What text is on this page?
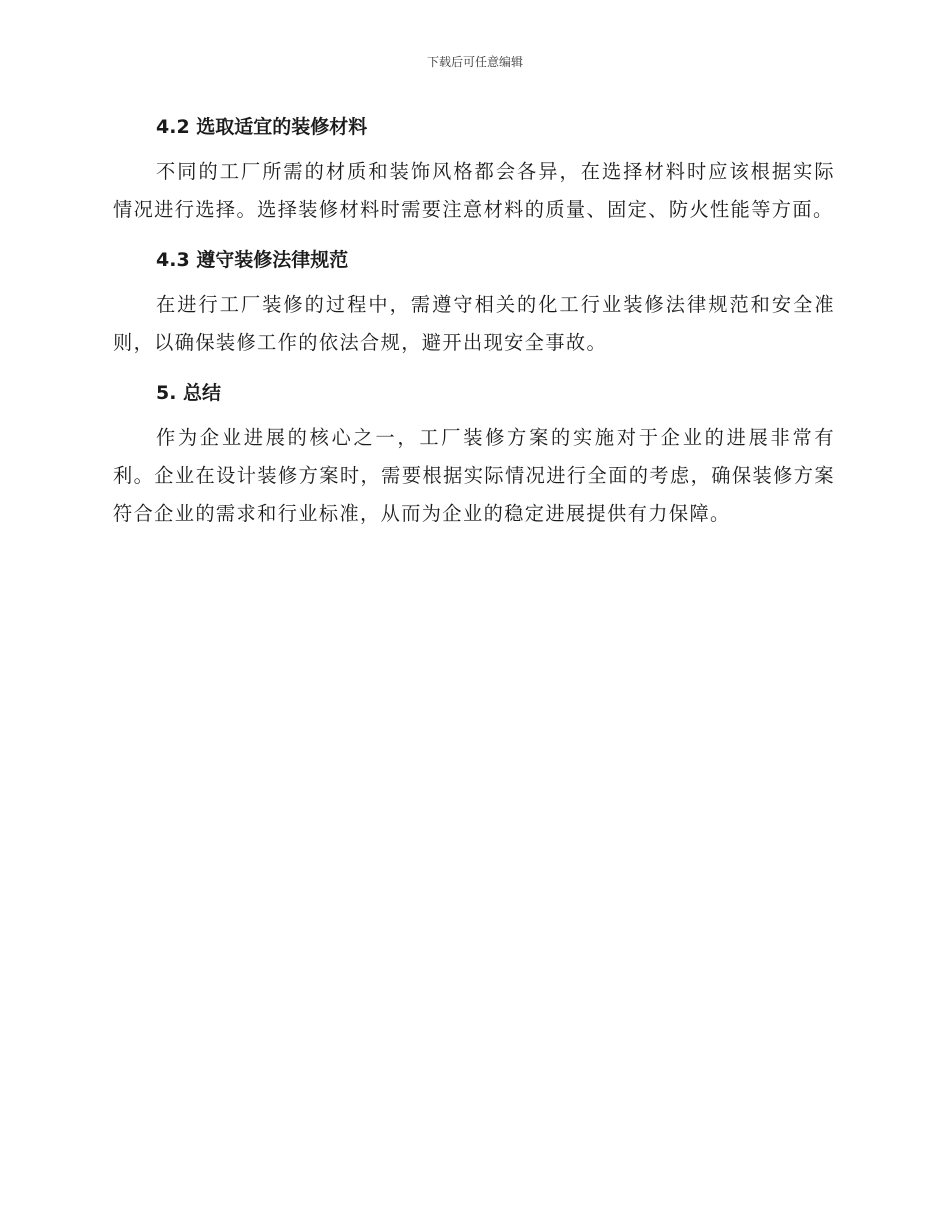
下载后可任意编辑
4.2 选取适宜的装修材料

不同的工厂所需的材质和装饰风格都会各异，在选择材料时应该根据实际情况进行选择。选择装修材料时需要注意材料的质量、固定、防火性能等方面。

4.3 遵守装修法律规范

在进行工厂装修的过程中，需遵守相关的化工行业装修法律规范和安全准则，以确保装修工作的依法合规，避开出现安全事故。

5. 总结

作为企业进展的核心之一，工厂装修方案的实施对于企业的进展非常有利。企业在设计装修方案时，需要根据实际情况进行全面的考虑，确保装修方案符合企业的需求和行业标准，从而为企业的稳定进展提供有力保障。
